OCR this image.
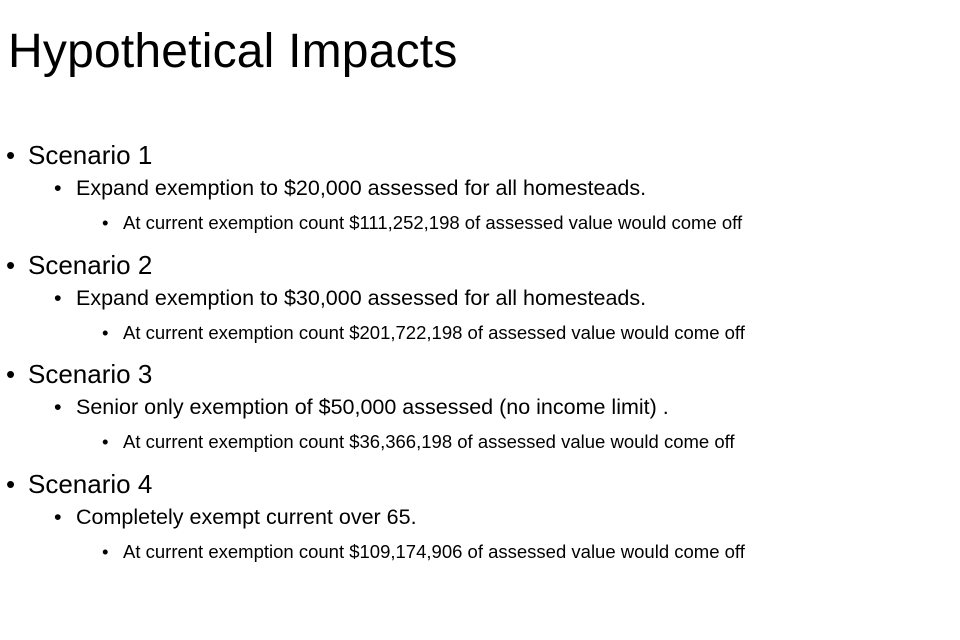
Hypothetical Impacts
• Scenario 1
• Expand exemption to $20,000 assessed for all homesteads.
• At current exemption count $111,252,198 of assessed value would come off
• Scenario 2
• Expand exemption to $30,000 assessed for all homesteads.
• At current exemption count $201,722,198 of assessed value would come off
• Scenario 3
• Senior only exemption of $50,000 assessed (no income limit) .
• At current exemption count $36,366,198 of assessed value would come off
• Scenario 4
• Completely exempt current over 65.
• At current exemption count $109,174,906 of assessed value would come off
